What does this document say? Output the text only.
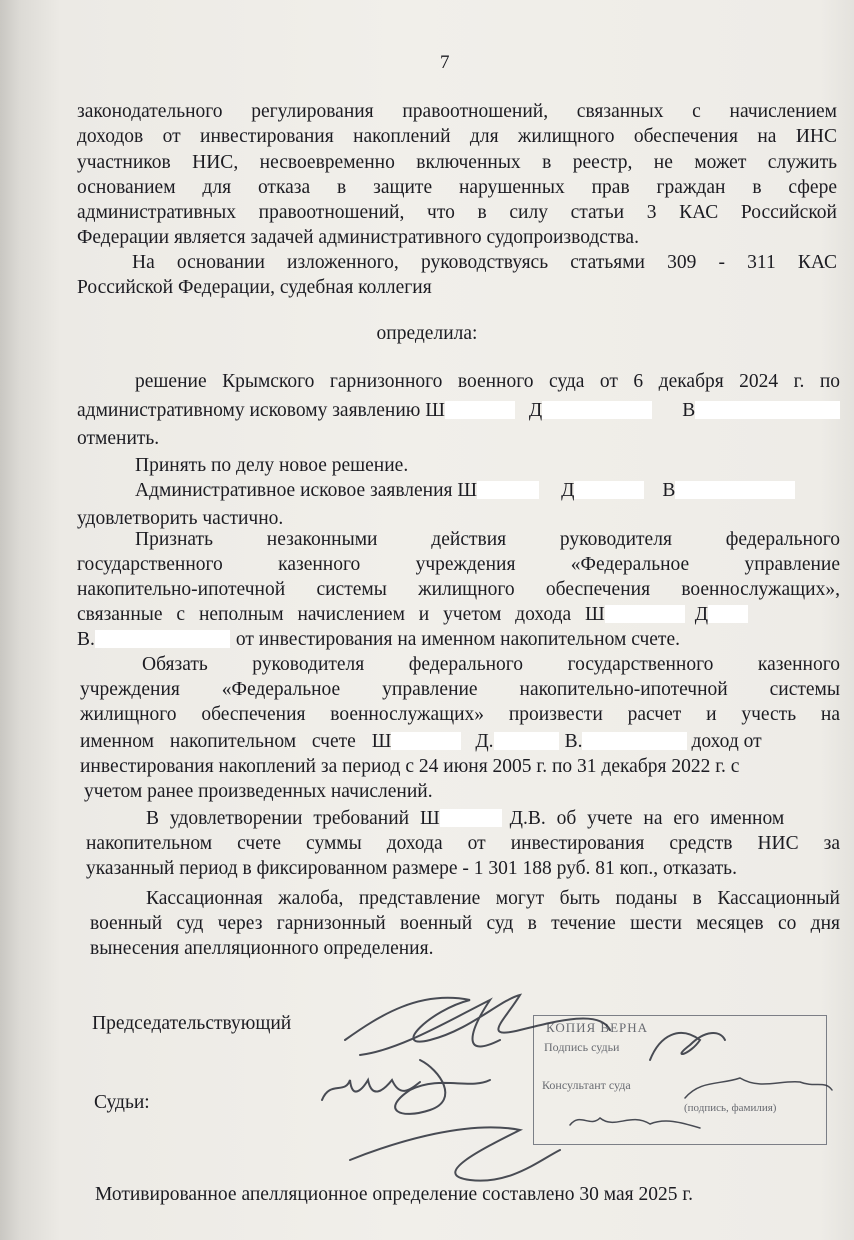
7
законодательного регулирования правоотношений, связанных с начислением
доходов от инвестирования накоплений для жилищного обеспечения на ИНС
участников НИС, несвоевременно включенных в реестр, не может служить
основанием для отказа в защите нарушенных прав граждан в сфере
административных правоотношений, что в силу статьи 3 КАС Российской
Федерации является задачей административного судопроизводства.
На основании изложенного, руководствуясь статьями 309 - 311 КАС
Российской Федерации, судебная коллегия
определила:
решение Крымского гарнизонного военного суда от 6 декабря 2024 г. по
административному исковому заявлению Ш	Д	В
отменить.
Принять по делу новое решение.
Административное исковое заявления Ш	Д	В
удовлетворить частично.
Признать незаконными действия руководителя федерального
государственного казенного учреждения «Федеральное управление
накопительно-ипотечной системы жилищного обеспечения военнослужащих»,
связанные с неполным начислением и учетом дохода Ш	Д
В.	от инвестирования на именном накопительном счете.
Обязать руководителя федерального государственного казенного
учреждения «Федеральное управление накопительно-ипотечной системы
жилищного обеспечения военнослужащих» произвести расчет и учесть на
именном накопительном счете Ш	Д.	В.	доход от
инвестирования накоплений за период с 24 июня 2005 г. по 31 декабря 2022 г. с
учетом ранее произведенных начислений.
В удовлетворении требований Ш	Д.В. об учете на его именном
накопительном счете суммы дохода от инвестирования средств НИС за
указанный период в фиксированном размере - 1 301 188 руб. 81 коп., отказать.
Кассационная жалоба, представление могут быть поданы в Кассационный
военный суд через гарнизонный военный суд в течение шести месяцев со дня
вынесения апелляционного определения.
Председательствующий
Судьи:
КОПИЯ ВЕРНА
Подпись судьи
Консультант суда
(подпись, фамилия)
Мотивированное апелляционное определение составлено 30 мая 2025 г.
